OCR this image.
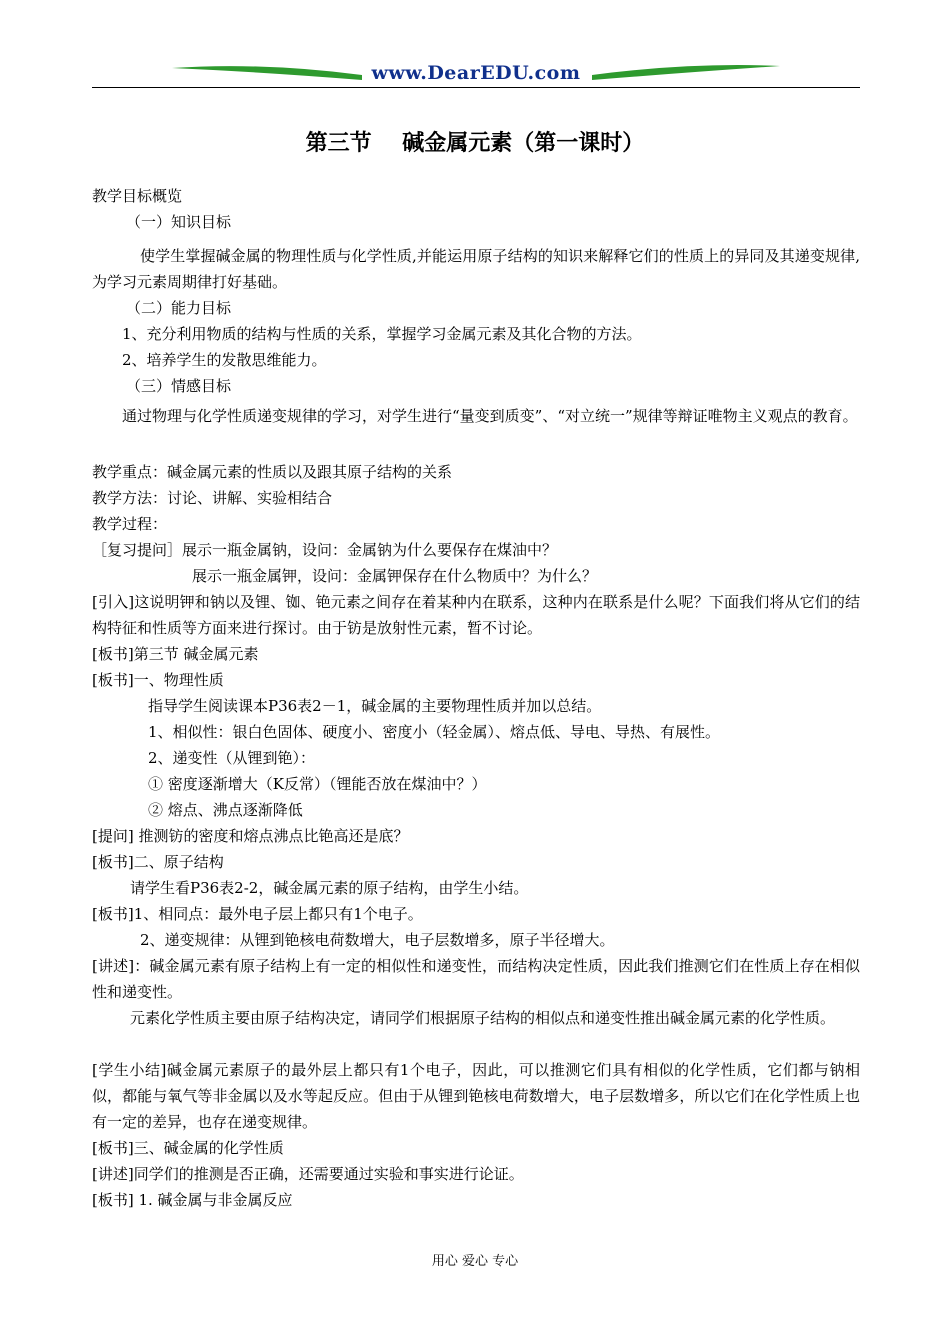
www.DearEDU.com
第三节    碱金属元素（第一课时）
教学目标概览
（一）知识目标
使学生掌握碱金属的物理性质与化学性质,并能运用原子结构的知识来解释它们的性质上的异同及其递变规律,为学习元素周期律打好基础。
（二）能力目标
1、充分利用物质的结构与性质的关系，掌握学习金属元素及其化合物的方法。
2、培养学生的发散思维能力。
（三）情感目标
通过物理与化学性质递变规律的学习，对学生进行“量变到质变”、“对立统一”规律等辩证唯物主义观点的教育。
教学重点：碱金属元素的性质以及跟其原子结构的关系
教学方法：讨论、讲解、实验相结合
教学过程：
［复习提问］展示一瓶金属钠，设问：金属钠为什么要保存在煤油中？
展示一瓶金属钾，设问：金属钾保存在什么物质中？为什么？
[引入]这说明钾和钠以及锂、铷、铯元素之间存在着某种内在联系，这种内在联系是什么呢？下面我们将从它们的结构特征和性质等方面来进行探讨。由于钫是放射性元素，暂不讨论。
[板书]第三节 碱金属元素
[板书]一、物理性质
指导学生阅读课本P36表2－1，碱金属的主要物理性质并加以总结。
1、相似性：银白色固体、硬度小、密度小（轻金属）、熔点低、导电、导热、有展性。
2、递变性（从锂到铯）：
① 密度逐渐增大（K反常）（锂能否放在煤油中？）
② 熔点、沸点逐渐降低
[提问] 推测钫的密度和熔点沸点比铯高还是底？
[板书]二、原子结构
请学生看P36表2-2，碱金属元素的原子结构，由学生小结。
[板书]1、相同点：最外电子层上都只有1个电子。
2、递变规律：从锂到铯核电荷数增大，电子层数增多，原子半径增大。
[讲述]：碱金属元素有原子结构上有一定的相似性和递变性，而结构决定性质，因此我们推测它们在性质上存在相似性和递变性。
元素化学性质主要由原子结构决定，请同学们根据原子结构的相似点和递变性推出碱金属元素的化学性质。
[学生小结]碱金属元素原子的最外层上都只有1个电子，因此，可以推测它们具有相似的化学性质，它们都与钠相似，都能与氧气等非金属以及水等起反应。但由于从锂到铯核电荷数增大，电子层数增多，所以它们在化学性质上也有一定的差异，也存在递变规律。
[板书]三、碱金属的化学性质
[讲述]同学们的推测是否正确，还需要通过实验和事实进行论证。
[板书] 1. 碱金属与非金属反应
用心 爱心 专心
